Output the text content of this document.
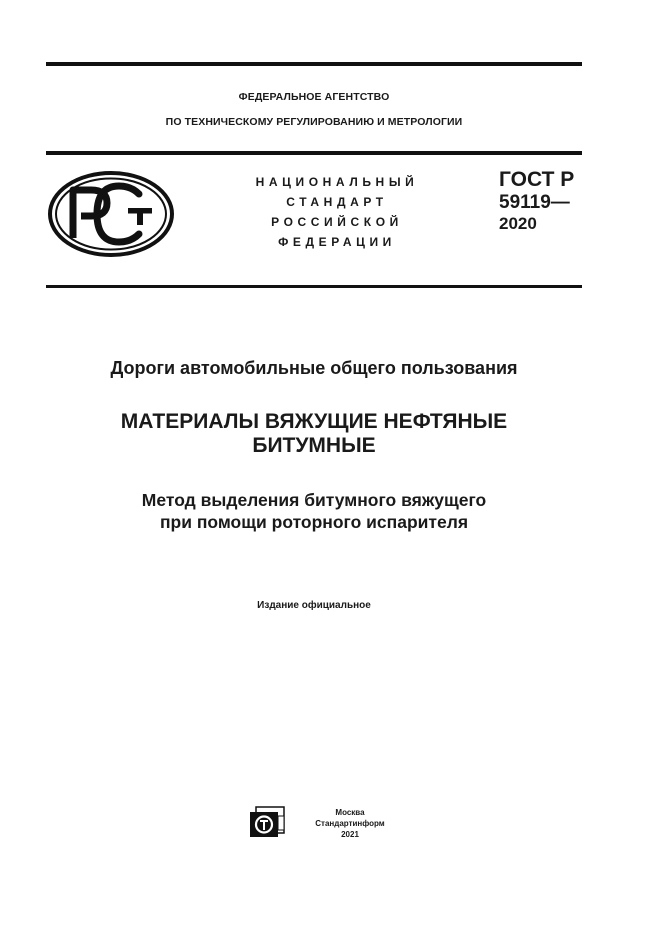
ФЕДЕРАЛЬНОЕ АГЕНТСТВО
ПО ТЕХНИЧЕСКОМУ РЕГУЛИРОВАНИЮ И МЕТРОЛОГИИ
НАЦИОНАЛЬНЫЙ
СТАНДАРТ
РОССИЙСКОЙ
ФЕДЕРАЦИИ
ГОСТ Р
59119—
2020
Дороги автомобильные общего пользования
МАТЕРИАЛЫ ВЯЖУЩИЕ НЕФТЯНЫЕ
БИТУМНЫЕ
Метод выделения битумного вяжущего
при помощи роторного испарителя
Издание официальное
Москва
Стандартинформ
2021
